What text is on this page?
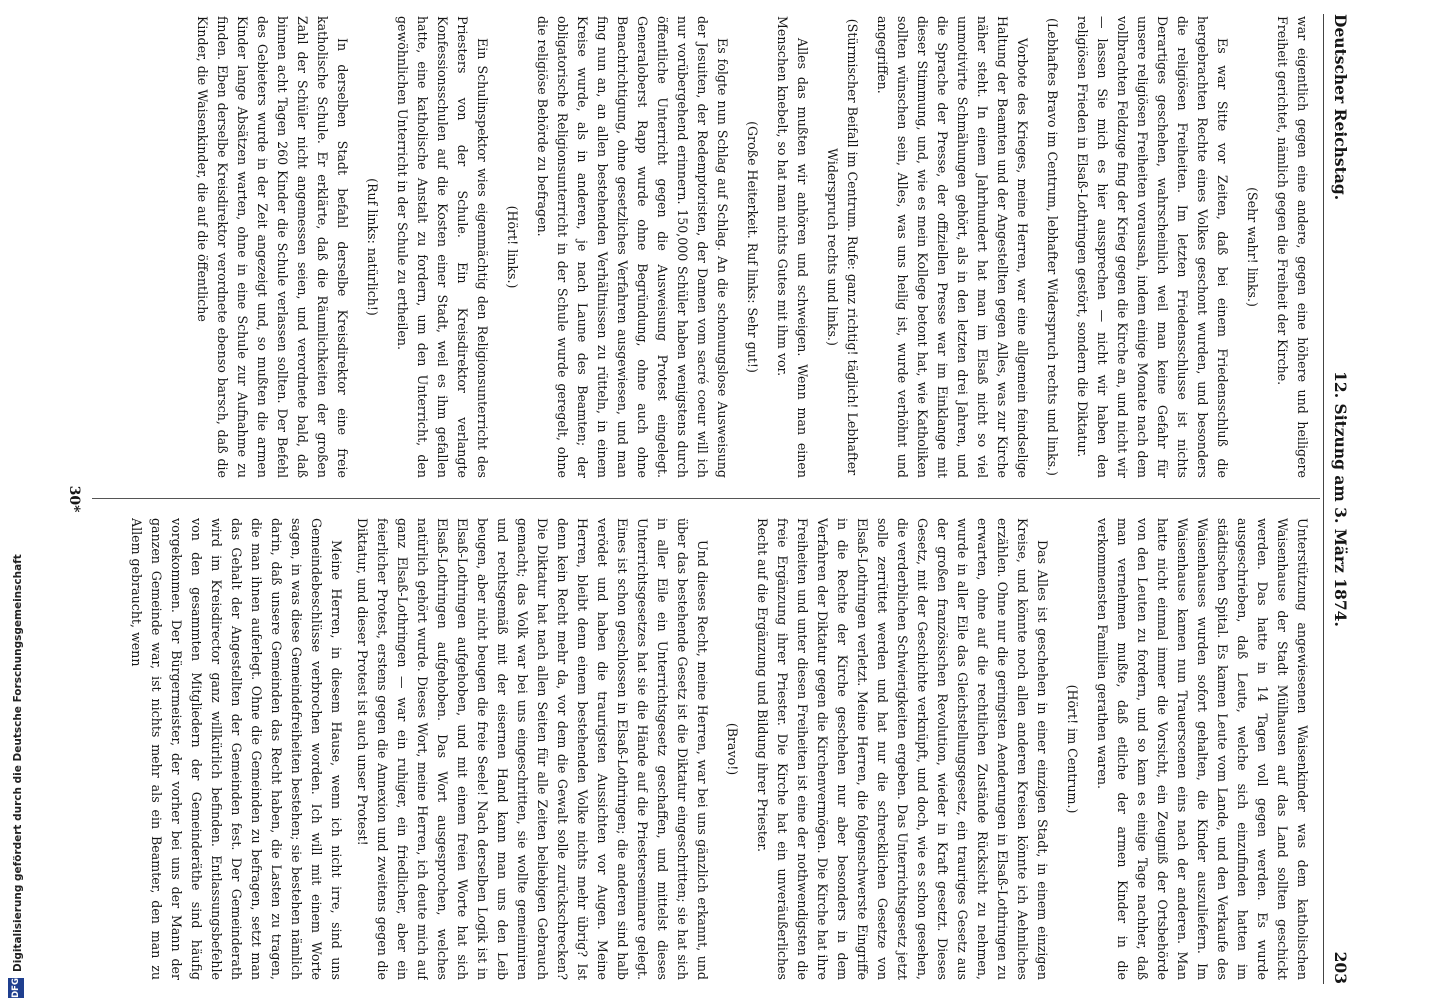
Deutscher Reichstag.
12. Sitzung am 3. März 1874.
203

war eigentlich gegen eine andere, gegen eine höhere und heiligere Freiheit gerichtet, nämlich gegen die Freiheit der Kirche.

(Sehr wahr! links.)

Es war Sitte vor Zeiten, daß bei einem Friedensschluß die hergebrachten Rechte eines Volkes geschont wurden, und besonders die religiösen Freiheiten. Im letzten Friedensschlusse ist nichts Derartiges geschehen, wahrscheinlich weil man keine Gefahr für unsere religiösen Freiheiten voraussah, indem einige Monate nach dem vollbrachten Feldzuge fing der Krieg gegen die Kirche an, und nicht wir — lassen Sie mich es hier aussprechen — nicht wir haben den religiösen Frieden in Elsaß-Lothringen gestört, sondern die Diktatur.

(Lebhaftes Bravo im Centrum, lebhafter Widerspruch rechts und links.)

Vorbote des Krieges, meine Herren, war eine allgemein feindselige Haltung der Beamten und der Angestellten gegen Alles, was zur Kirche näher steht. In einem Jahrhundert hat man im Elsaß nicht so viel unmotivirte Schmähungen gehört, als in den letzten drei Jahren, und die Sprache der Presse, der offiziellen Presse war im Einklange mit dieser Stimmung, und, wie es mein Kollege betont hat, wie Katholiken sollten wünschen sein, Alles, was uns heilig ist, wurde verhöhnt und angegriffen.

(Stürmischer Beifall im Centrum. Rufe: ganz richtig! täglich! Lebhafter Widerspruch rechts und links.)

Alles das mußten wir anhören und schweigen. Wenn man einen Menschen knebelt, so hat man nichts Gutes mit ihm vor.

(Große Heiterkeit. Ruf links: Sehr gut!)

Es folgte nun Schlag auf Schlag. An die schonungslose Ausweisung der Jesuiten, der Redemptoristen, der Damen vom sacré coeur will ich nur vorübergehend erinnern. 150,000 Schüler haben wenigstens durch öffentliche Unterricht gegen die Ausweisung Protest eingelegt. Generaloberst Rapp wurde ohne Begründung, ohne auch ohne Benachrichtigung, ohne gesetzliches Verfahren ausgewiesen, und man fing nun an, an allen bestehenden Verhältnissen zu rütteln, in einem Kreise wurde, als in anderen, je nach Laune des Beamten; der obligatorische Religionsunterricht in der Schule wurde geregelt, ohne die religiöse Behörde zu befragen.

(Hört! links.)

Ein Schulinspektor wies eigenmächtig den Religionsunterricht des Priesters von der Schule. Ein Kreisdirektor verlangte Konfessionsschulen auf die Kosten einer Stadt, weil es ihm gefallen hatte, eine katholische Anstalt zu fordern, um den Unterricht, den gewöhnlichen Unterricht in der Schule zu ertheilen.

(Ruf links: natürlich!)

In derselben Stadt befahl derselbe Kreisdirektor eine freie katholische Schule. Er erklärte, daß die Räumlichkeiten der großen Zahl der Schüler nicht angemessen seien, und verordnete bald, daß binnen acht Tagen 260 Kinder die Schule verlassen sollten. Der Befehl des Gebieters wurde in der Zeit angezeigt und, so mußten die armen Kinder lange Absätzen warten, ohne in eine Schule zur Aufnahme zu finden. Eben derselbe Kreisdirektor verordnete ebenso barsch, daß die Kinder, die Waisenkinder, die auf die öffentliche

Unterstützung angewiesenen Waisenkinder was dem katholischen Waisenhause der Stadt Mülhausen auf das Land sollten geschickt werden. Das hatte in 14 Tagen voll gegen werden. Es wurde ausgeschrieben, daß Leute, welche sich einzufinden hatten im städtischen Spital. Es kamen Leute vom Lande, und den Verkaufe des Waisenhauses wurden sofort gehalten, die Kinder auszuliefern. Im Waisenhause kamen nun Trauerscenen eins nach der anderen. Man hatte nicht einmal immer die Vorsicht, ein Zeugniß der Ortsbehörde von den Leuten zu fordern, und so kam es einige Tage nachher, daß man vernehmen mußte, daß etliche der armen Kinder in die verkommensten Familien gerathen waren.

(Hört! im Centrum.)

Das Alles ist geschehen in einer einzigen Stadt, in einem einzigen Kreise, und könnte noch allen anderen Kreisen könnte ich Aehnliches erzählen. Ohne nur die geringsten Aenderungen in Elsaß-Lothringen zu erwarten, ohne auf die rechtlichen Zustände Rücksicht zu nehmen, wurde in aller Eile das Gleichstellungsgesetz, ein trauriges Gesetz aus der großen französischen Revolution, wieder in Kraft gesetzt. Dieses Gesetz, mit der Geschichte verknüpft, und doch, wie es schon gesehen, die verderblichen Schwierigkeiten ergeben. Das Unterrichtsgesetz jetzt solle zerrüttet werden und hat nur die schrecklichen Gesetze von Elsaß-Lothringen verletzt. Meine Herren, die folgenschwerste Eingriffe in die Rechte der Kirche geschehen nur aber besonders in dem Verfahren der Diktatur gegen die Kirchenvermögen. Die Kirche hat ihre Freiheiten und unter diesen Freiheiten ist eine der nothwendigsten die freie Ergänzung ihrer Priester. Die Kirche hat ein unveräußerliches Recht auf die Ergänzung und Bildung ihrer Priester.

(Bravo!)

Und dieses Recht, meine Herren, war bei uns gänzlich erkannt, und über das bestehende Gesetz ist die Diktatur eingeschritten; sie hat sich in aller Eile ein Unterrichtsgesetz geschaffen, und mittelst dieses Unterrichtsgesetzes hat sie die Hände auf die Priesterseminare gelegt. Eines ist schon geschlossen in Elsaß-Lothringen; die anderen sind halb verödet und haben die traurigsten Aussichten vor Augen. Meine Herren, bleibt denn einem bestehenden Volke nichts mehr übrig? Ist denn kein Recht mehr da, vor dem die Gewalt solle zurückschrecken? Die Diktatur hat nach allen Seiten für alle Zeiten beliebigen Gebrauch gemacht; das Volk war bei uns eingeschritten, sie wollte gemeinniren und rechtsgemäß mit der eisernen Hand kann man uns den Leib beugen, aber nicht beugen die freie Seele! Nach derselben Logik ist in Elsaß-Lothringen aufgehoben, und mit einem freien Worte hat sich Elsaß-Lothringen aufgehoben. Das Wort ausgesprochen, welches natürlich gehört wurde. Dieses Wort, meine Herren, ich deute mich auf ganz Elsaß-Lothringen — war ein ruhiger, ein friedlicher, aber ein feierlicher Protest, erstens gegen die Annexion und zweitens gegen die Diktatur, und dieser Protest ist auch unser Protest!

Meine Herren, in diesem Hause, wenn ich nicht irre, sind uns Gemeindebeschlüsse verbrochen worden. Ich will mit einem Worte sagen, in was diese Gemeindefreiheiten bestehen; sie bestehen nämlich darin, daß unsere Gemeinden das Recht haben, die Lasten zu tragen, die man ihnen auferlegt. Ohne die Gemeinden zu befragen, setzt man das Gehalt der Angestellten der Gemeinden fest. Der Gemeinderath wird im Kreisdirector ganz willkürlich befinden. Entlassungsbefehle von den gesammten Mitgliedern der Gemeinderäthe sind häufig vorgekommen. Der Bürgermeister, der vorher bei uns der Mann der ganzen Gemeinde war, ist nichts mehr als ein Beamter, den man zu Allem gebraucht, wenn

30*
DFG
Digitalisierung gefördert durch die Deutsche Forschungsgemeinschaft
